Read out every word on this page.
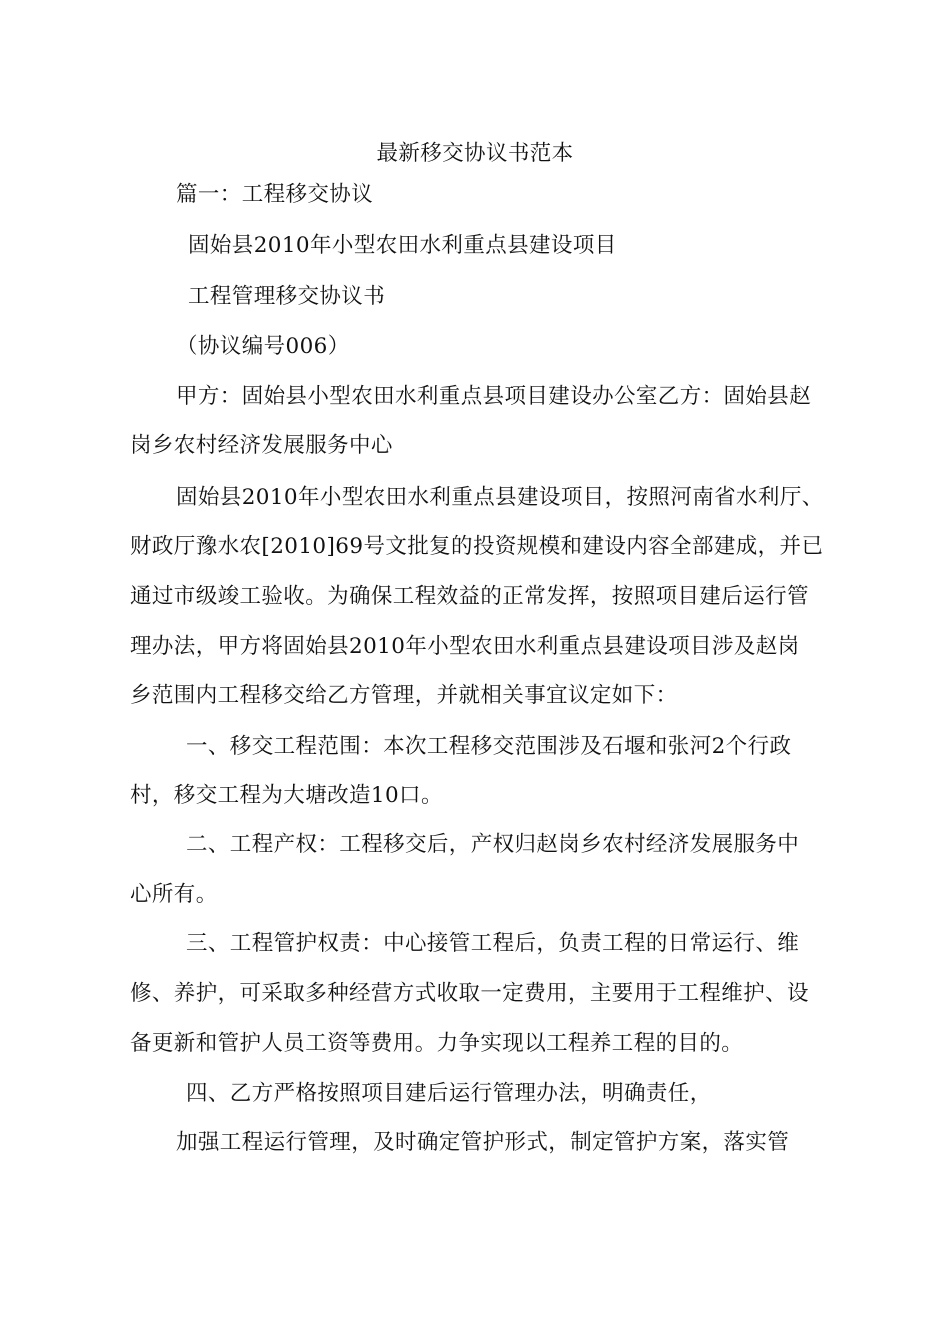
最新移交协议书范本
篇一：工程移交协议
固始县2010年小型农田水利重点县建设项目
工程管理移交协议书
（协议编号006）
甲方：固始县小型农田水利重点县项目建设办公室乙方：固始县赵
岗乡农村经济发展服务中心
固始县2010年小型农田水利重点县建设项目，按照河南省水利厅、
财政厅豫水农[2010]69号文批复的投资规模和建设内容全部建成，并已
通过市级竣工验收。为确保工程效益的正常发挥，按照项目建后运行管
理办法，甲方将固始县2010年小型农田水利重点县建设项目涉及赵岗
乡范围内工程移交给乙方管理，并就相关事宜议定如下：
一、移交工程范围：本次工程移交范围涉及石堰和张河2个行政
村，移交工程为大塘改造10口。
二、工程产权：工程移交后，产权归赵岗乡农村经济发展服务中
心所有。
三、工程管护权责：中心接管工程后，负责工程的日常运行、维
修、养护，可采取多种经营方式收取一定费用，主要用于工程维护、设
备更新和管护人员工资等费用。力争实现以工程养工程的目的。
四、乙方严格按照项目建后运行管理办法，明确责任，
加强工程运行管理，及时确定管护形式，制定管护方案，落实管
